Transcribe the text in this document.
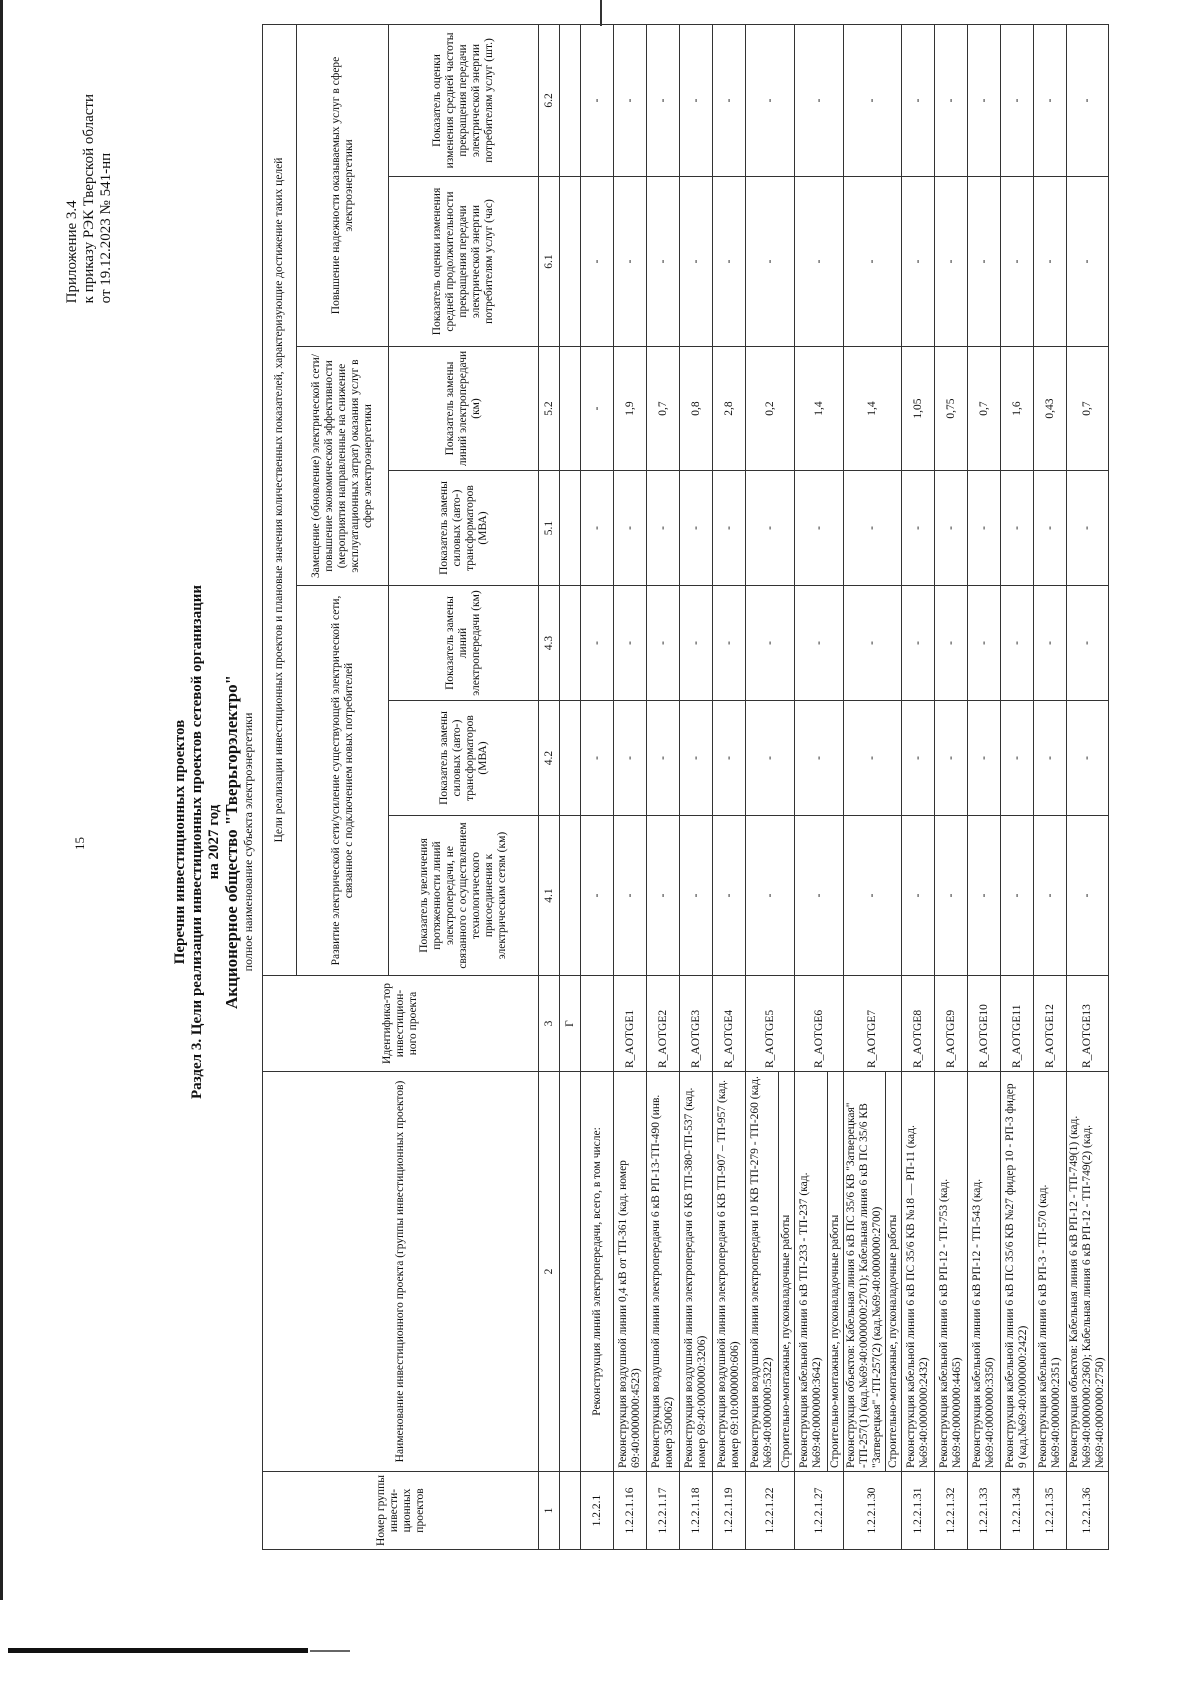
15
Приложение 3.4 к приказу РЭК Тверской области от 19.12.2023 № 541-нп
Перечни инвестиционных проектов Раздел 3. Цели реализации инвестиционных проектов сетевой организации на 2027 год Акционерное общество "Тверьгорэлектро" полное наименование субъекта электроэнергетики
Номер группы инвести-ционных проектов	Наименование инвестиционного проекта (группы инвестиционных проектов)	Идентифика-тор инвестицион-ного проекта	Цели реализации инвестиционных проектов и плановые значения количественных показателей, характеризующие достижение таких целей						
			Развитие электрической сети/усиление существующей электрической сети, связанное с подключением новых потребителей			Замещение (обновление) электрической сети/повышение экономической эффективности (мероприятия направленные на снижение эксплуатационных затрат) оказания услуг в сфере электроэнергетики		Повышение надежности оказываемых услуг в сфере электроэнергетики	
			Показатель увеличения протяженности линий электропередачи, не связанного с осуществлением технологического присоединения к электрическим сетям (км)	Показатель замены силовых (авто-) трансформаторов (МВА)	Показатель замены линий электропередачи (км)	Показатель замены силовых (авто-) трансформаторов (МВА)	Показатель замены линий электропередачи (км)	Показатель оценки изменения средней продолжительности прекращения передачи электрической энергии потребителям услуг (час)	Показатель оценки изменения средней частоты прекращения передачи электрической энергии потребителям услуг (шт.)

1	2	3	4.1	4.2	4.3	5.1	5.2	6.1	6.2
		Г							
1.2.2.1	Реконструкция линий электропередачи, всего, в том числе:		-	-	-	-	-	-	-
1.2.2.1.16	Реконструкция воздушной линии 0,4 кВ от ТП-361 (кад. номер 69:40:0000000:4523)	R_AOTGE1	-	-	-	-	1,9	-	-
1.2.2.1.17	Реконструкция воздушной линии электропередачи 6 кВ РП-13-ТП-490 (инв. номер 350062)	R_AOTGE2	-	-	-	-	0,7	-	-
1.2.2.1.18	Реконструкция воздушной линии электропередачи 6 КВ ТП-380-ТП-537 (кад. номер 69:40:0000000:3206)	R_AOTGE3	-	-	-	-	0,8	-	-
1.2.2.1.19	Реконструкция воздушной линии электропередачи 6 КВ ТП-907 – ТП-957 (кад. номер 69:10:0000000:606)	R_AOTGE4	-	-	-	-	2,8	-	-
1.2.2.1.22	Реконструкция воздушной линии электропередачи 10 КВ ТП-279 - ТП-260 (кад. №69:40:0000000:5322)	R_AOTGE5	-	-	-	-	0,2	-	-
	Строительно-монтажные, пусконаладочные работы								
1.2.2.1.27	Реконструкция кабельной линии 6 кВ ТП-233 - ТП-237 (кад. №69:40:0000000:3642)	R_AOTGE6	-	-	-	-	1,4	-	-
	Строительно-монтажные, пусконаладочные работы								
1.2.2.1.30	Реконструкция объектов: Кабельная линия 6 кВ ПС 35/6 КВ "Затверецкая" -ТП-257(1) (кад.№69:40:0000000:2701); Кабельная линия 6 кВ ПС 35/6 КВ "Затверецкая" -ТП-257(2) (кад.№69:40:0000000:2700)	R_AOTGE7	-	-	-	-	1,4	-	-
	Строительно-монтажные, пусконаладочные работы								
1.2.2.1.31	Реконструкция кабельной линии 6 кВ ПС 35/6 КВ №18 — РП-11 (кад.№69:40:0000000:2432)	R_AOTGE8	-	-	-	-	1,05	-	-
1.2.2.1.32	Реконструкция кабельной линии 6 кВ РП-12 - ТП-753 (кад.№69:40:0000000:4465)	R_AOTGE9	-	-	-	-	0,75	-	-
1.2.2.1.33	Реконструкция кабельной линии 6 кВ РП-12 - ТП-543 (кад.№69:40:0000000:3350)	R_AOTGE10	-	-	-	-	0,7	-	-
1.2.2.1.34	Реконструкция кабельной линии 6 кВ ПС 35/6 КВ №27 фидер 10 - РП-3 фидер 9 (кад.№69:40:0000000:2422)	R_AOTGE11	-	-	-	-	1,6	-	-
1.2.2.1.35	Реконструкция кабельной линии 6 кВ РП-3 - ТП-570 (кад.№69:40:0000000:2351)	R_AOTGE12	-	-	-	-	0,43	-	-
1.2.2.1.36	Реконструкция объектов: Кабельная линия 6 кВ РП-12 - ТП-749(1) (кад.№69:40:0000000:2360); Кабельная линия 6 кВ РП-12 - ТП-749(2) (кад.№69:40:0000000:2750)	R_AOTGE13	-	-	-	-	0,7	-	-
